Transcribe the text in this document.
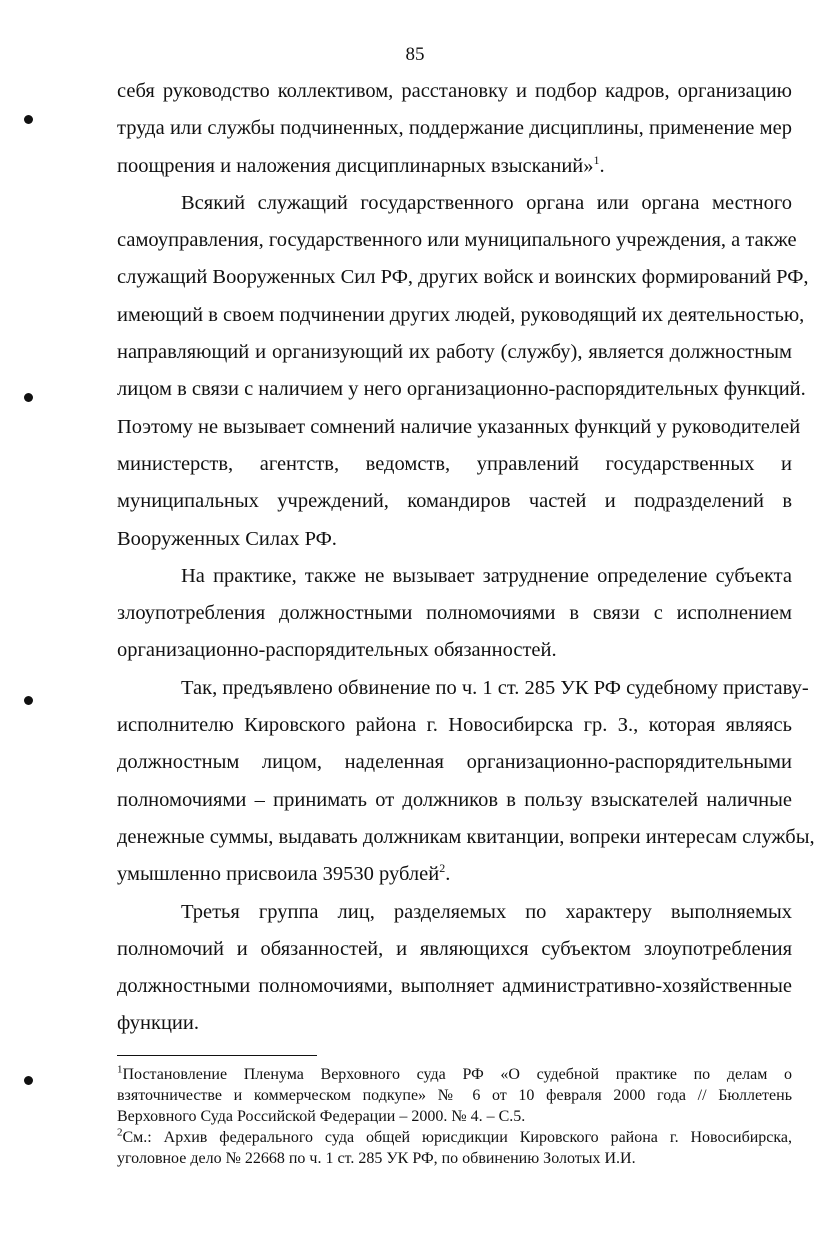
85
себя руководство коллективом, расстановку и подбор кадров, организацию
труда или службы подчиненных, поддержание дисциплины, применение мер
поощрения и наложения дисциплинарных взысканий»$^1$.
Всякий служащий государственного органа или органа местного
самоуправления, государственного или муниципального учреждения, а также
служащий Вооруженных Сил РФ, других войск и воинских формирований РФ,
имеющий в своем подчинении других людей, руководящий их деятельностью,
направляющий и организующий их работу (службу), является должностным
лицом в связи с наличием у него организационно-распорядительных функций.
Поэтому не вызывает сомнений наличие указанных функций у руководителей
министерств, агентств, ведомств, управлений государственных и
муниципальных учреждений, командиров частей и подразделений в
Вооруженных Силах РФ.
На практике, также не вызывает затруднение определение субъекта
злоупотребления должностными полномочиями в связи с исполнением
организационно-распорядительных обязанностей.
Так, предъявлено обвинение по ч. 1 ст. 285 УК РФ судебному приставу-
исполнителю Кировского района г. Новосибирска гр. З., которая являясь
должностным лицом, наделенная организационно-распорядительными
полномочиями – принимать от должников в пользу взыскателей наличные
денежные суммы, выдавать должникам квитанции, вопреки интересам службы,
умышленно присвоила 39530 рублей$^2$.
Третья группа лиц, разделяемых по характеру выполняемых
полномочий и обязанностей, и являющихся субъектом злоупотребления
должностными полномочиями, выполняет административно-хозяйственные
функции.
$^1$Постановление Пленума Верховного суда РФ «О судебной практике по делам о
взяточничестве и коммерческом подкупе» № 6 от 10 февраля 2000 года // Бюллетень
Верховного Суда Российской Федерации – 2000. № 4. – С.5.
$^2$См.: Архив федерального суда общей юрисдикции Кировского района г. Новосибирска,
уголовное дело № 22668 по ч. 1 ст. 285 УК РФ, по обвинению Золотых И.И.
